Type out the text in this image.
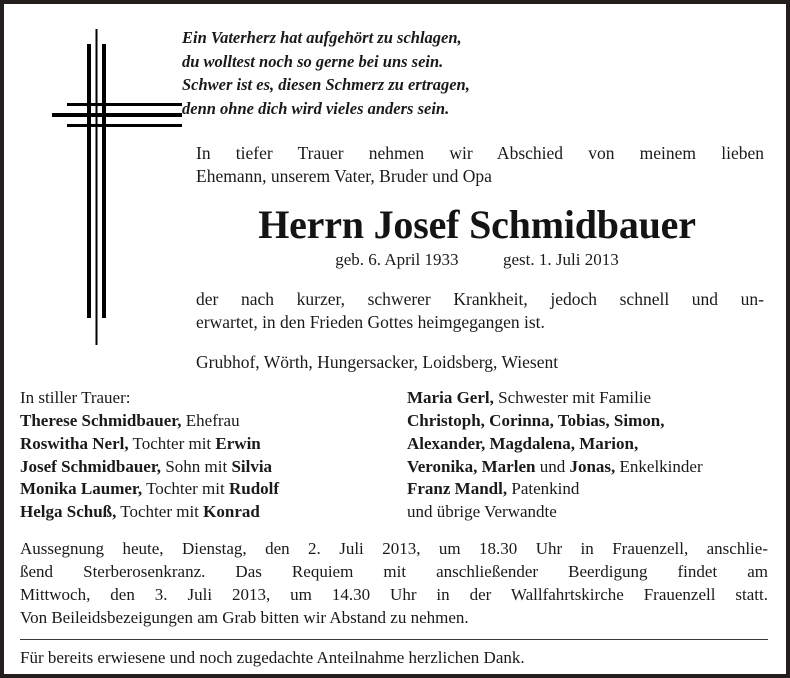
Ein Vaterherz hat aufgehört zu schlagen,
du wolltest noch so gerne bei uns sein.
Schwer ist es, diesen Schmerz zu ertragen,
denn ohne dich wird vieles anders sein.
In tiefer Trauer nehmen wir Abschied von meinem lieben
Ehemann, unserem Vater, Bruder und Opa
Herrn Josef Schmidbauer
geb. 6. April 1933	gest. 1. Juli 2013
der nach kurzer, schwerer Krankheit, jedoch schnell und un-
erwartet, in den Frieden Gottes heimgegangen ist.
Grubhof, Wörth, Hungersacker, Loidsberg, Wiesent
In stiller Trauer:
Therese Schmidbauer, Ehefrau
Roswitha Nerl, Tochter mit Erwin
Josef Schmidbauer, Sohn mit Silvia
Monika Laumer, Tochter mit Rudolf
Helga Schuß, Tochter mit Konrad
Maria Gerl, Schwester mit Familie
Christoph, Corinna, Tobias, Simon,
Alexander, Magdalena, Marion,
Veronika, Marlen und Jonas, Enkelkinder
Franz Mandl, Patenkind
und übrige Verwandte
Aussegnung heute, Dienstag, den 2. Juli 2013, um 18.30 Uhr in Frauenzell, anschlie-
ßend Sterberosenkranz. Das Requiem mit anschließender Beerdigung findet am
Mittwoch, den 3. Juli 2013, um 14.30 Uhr in der Wallfahrtskirche Frauenzell statt.
Von Beileidsbezeigungen am Grab bitten wir Abstand zu nehmen.
Für bereits erwiesene und noch zugedachte Anteilnahme herzlichen Dank.
